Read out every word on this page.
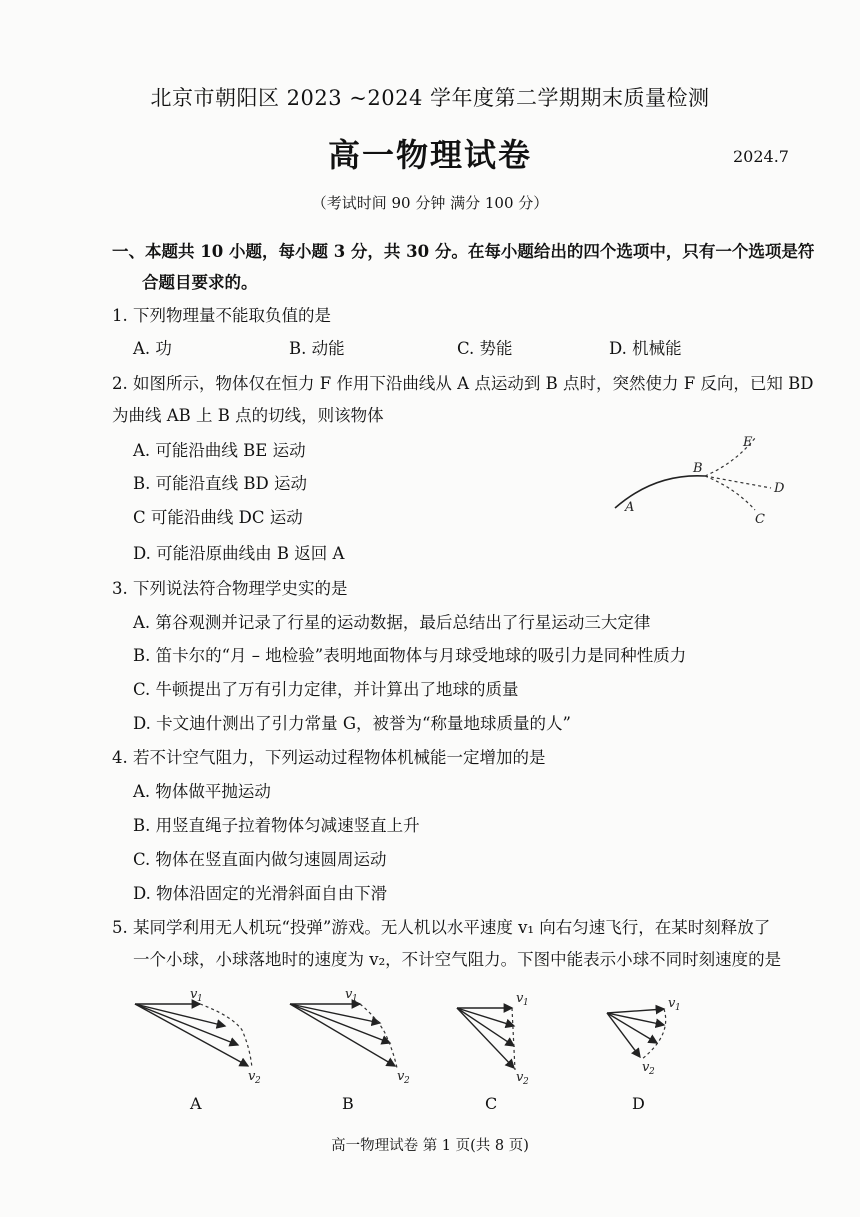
北京市朝阳区 2023 ~2024 学年度第二学期期末质量检测
高一物理试卷	2024.7
（考试时间 90 分钟 满分 100 分）
一、本题共 10 小题，每小题 3 分，共 30 分。在每小题给出的四个选项中，只有一个选项是符
合题目要求的。
1. 下列物理量不能取负值的是
A. 功	B. 动能	C. 势能	D. 机械能
2. 如图所示，物体仅在恒力 F 作用下沿曲线从 A 点运动到 B 点时，突然使力 F 反向，已知 BD
为曲线 AB 上 B 点的切线，则该物体
A. 可能沿曲线 BE 运动
B. 可能沿直线 BD 运动
C 可能沿曲线 DC 运动
D. 可能沿原曲线由 B 返回 A
E
B
D
A
C
3. 下列说法符合物理学史实的是
A. 第谷观测并记录了行星的运动数据，最后总结出了行星运动三大定律
B. 笛卡尔的“月 – 地检验”表明地面物体与月球受地球的吸引力是同种性质力
C. 牛顿提出了万有引力定律，并计算出了地球的质量
D. 卡文迪什测出了引力常量 G，被誉为“称量地球质量的人”
4. 若不计空气阻力，下列运动过程物体机械能一定增加的是
A. 物体做平抛运动
B. 用竖直绳子拉着物体匀减速竖直上升
C. 物体在竖直面内做匀速圆周运动
D. 物体沿固定的光滑斜面自由下滑
5. 某同学利用无人机玩“投弹”游戏。无人机以水平速度 v₁ 向右匀速飞行，在某时刻释放了
一个小球，小球落地时的速度为 v₂，不计空气阻力。下图中能表示小球不同时刻速度的是
v 1
v 2
A
v 1
v 2
B
v 1
v 2
C
v 1
v 2
D
高一物理试卷 第 1 页(共 8 页)
